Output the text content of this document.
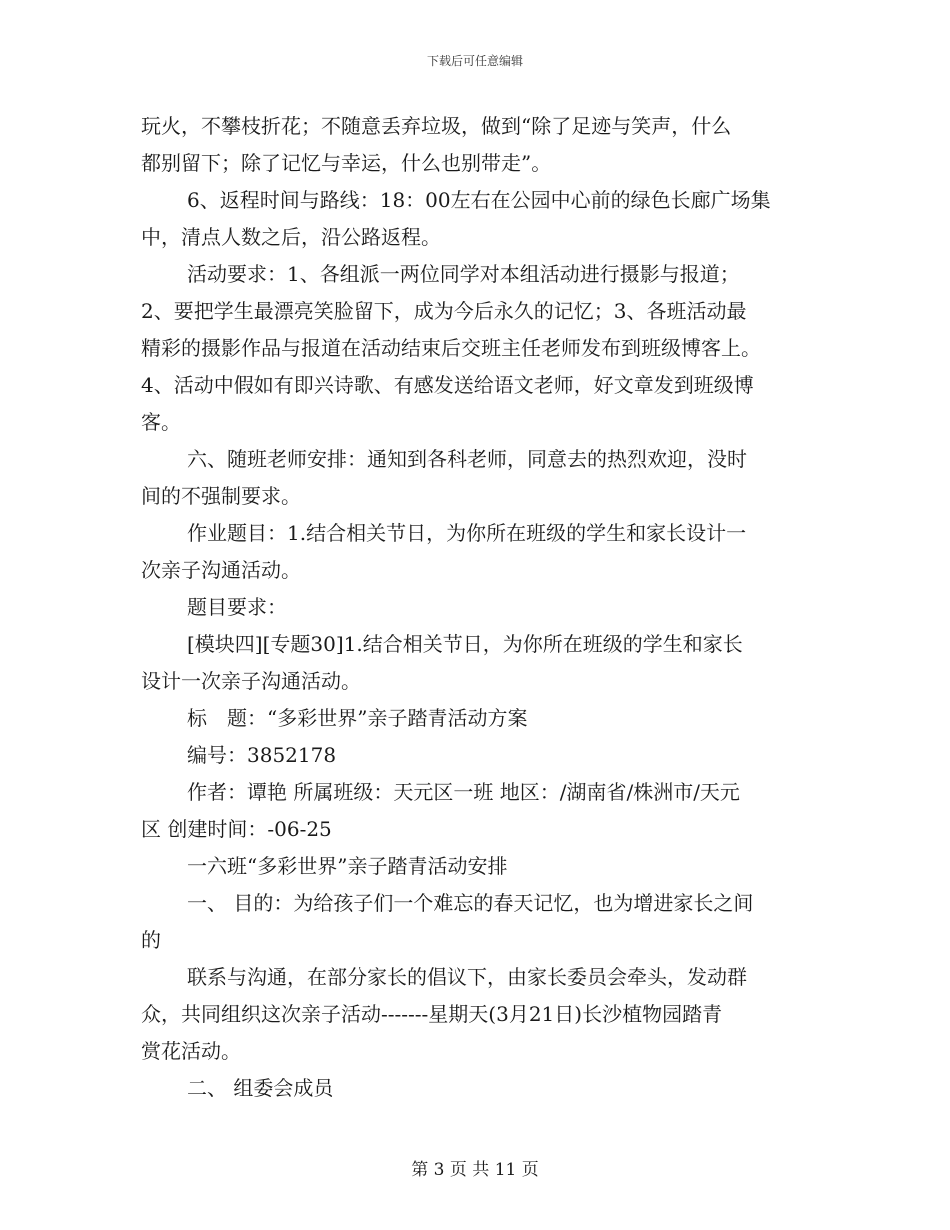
下载后可任意编辑
玩火，不攀枝折花；不随意丢弃垃圾，做到“除了足迹与笑声，什么
都别留下；除了记忆与幸运，什么也别带走”。
6、返程时间与路线：18：00左右在公园中心前的绿色长廊广场集
中，清点人数之后，沿公路返程。
活动要求：1、各组派一两位同学对本组活动进行摄影与报道；
2、要把学生最漂亮笑脸留下，成为今后永久的记忆；3、各班活动最
精彩的摄影作品与报道在活动结束后交班主任老师发布到班级博客上。
4、活动中假如有即兴诗歌、有感发送给语文老师，好文章发到班级博
客。
六、随班老师安排：通知到各科老师，同意去的热烈欢迎，没时
间的不强制要求。
作业题目：1.结合相关节日，为你所在班级的学生和家长设计一
次亲子沟通活动。
题目要求：
[模块四][专题30]1.结合相关节日，为你所在班级的学生和家长
设计一次亲子沟通活动。
标　题：“多彩世界”亲子踏青活动方案
编号：3852178
作者：谭艳 所属班级：天元区一班 地区：/湖南省/株洲市/天元
区 创建时间：-06-25
一六班“多彩世界”亲子踏青活动安排
一、 目的：为给孩子们一个难忘的春天记忆，也为增进家长之间
的
联系与沟通，在部分家长的倡议下，由家长委员会牵头，发动群
众，共同组织这次亲子活动-------星期天(3月21日)长沙植物园踏青
赏花活动。
二、 组委会成员
第 3 页 共 11 页
